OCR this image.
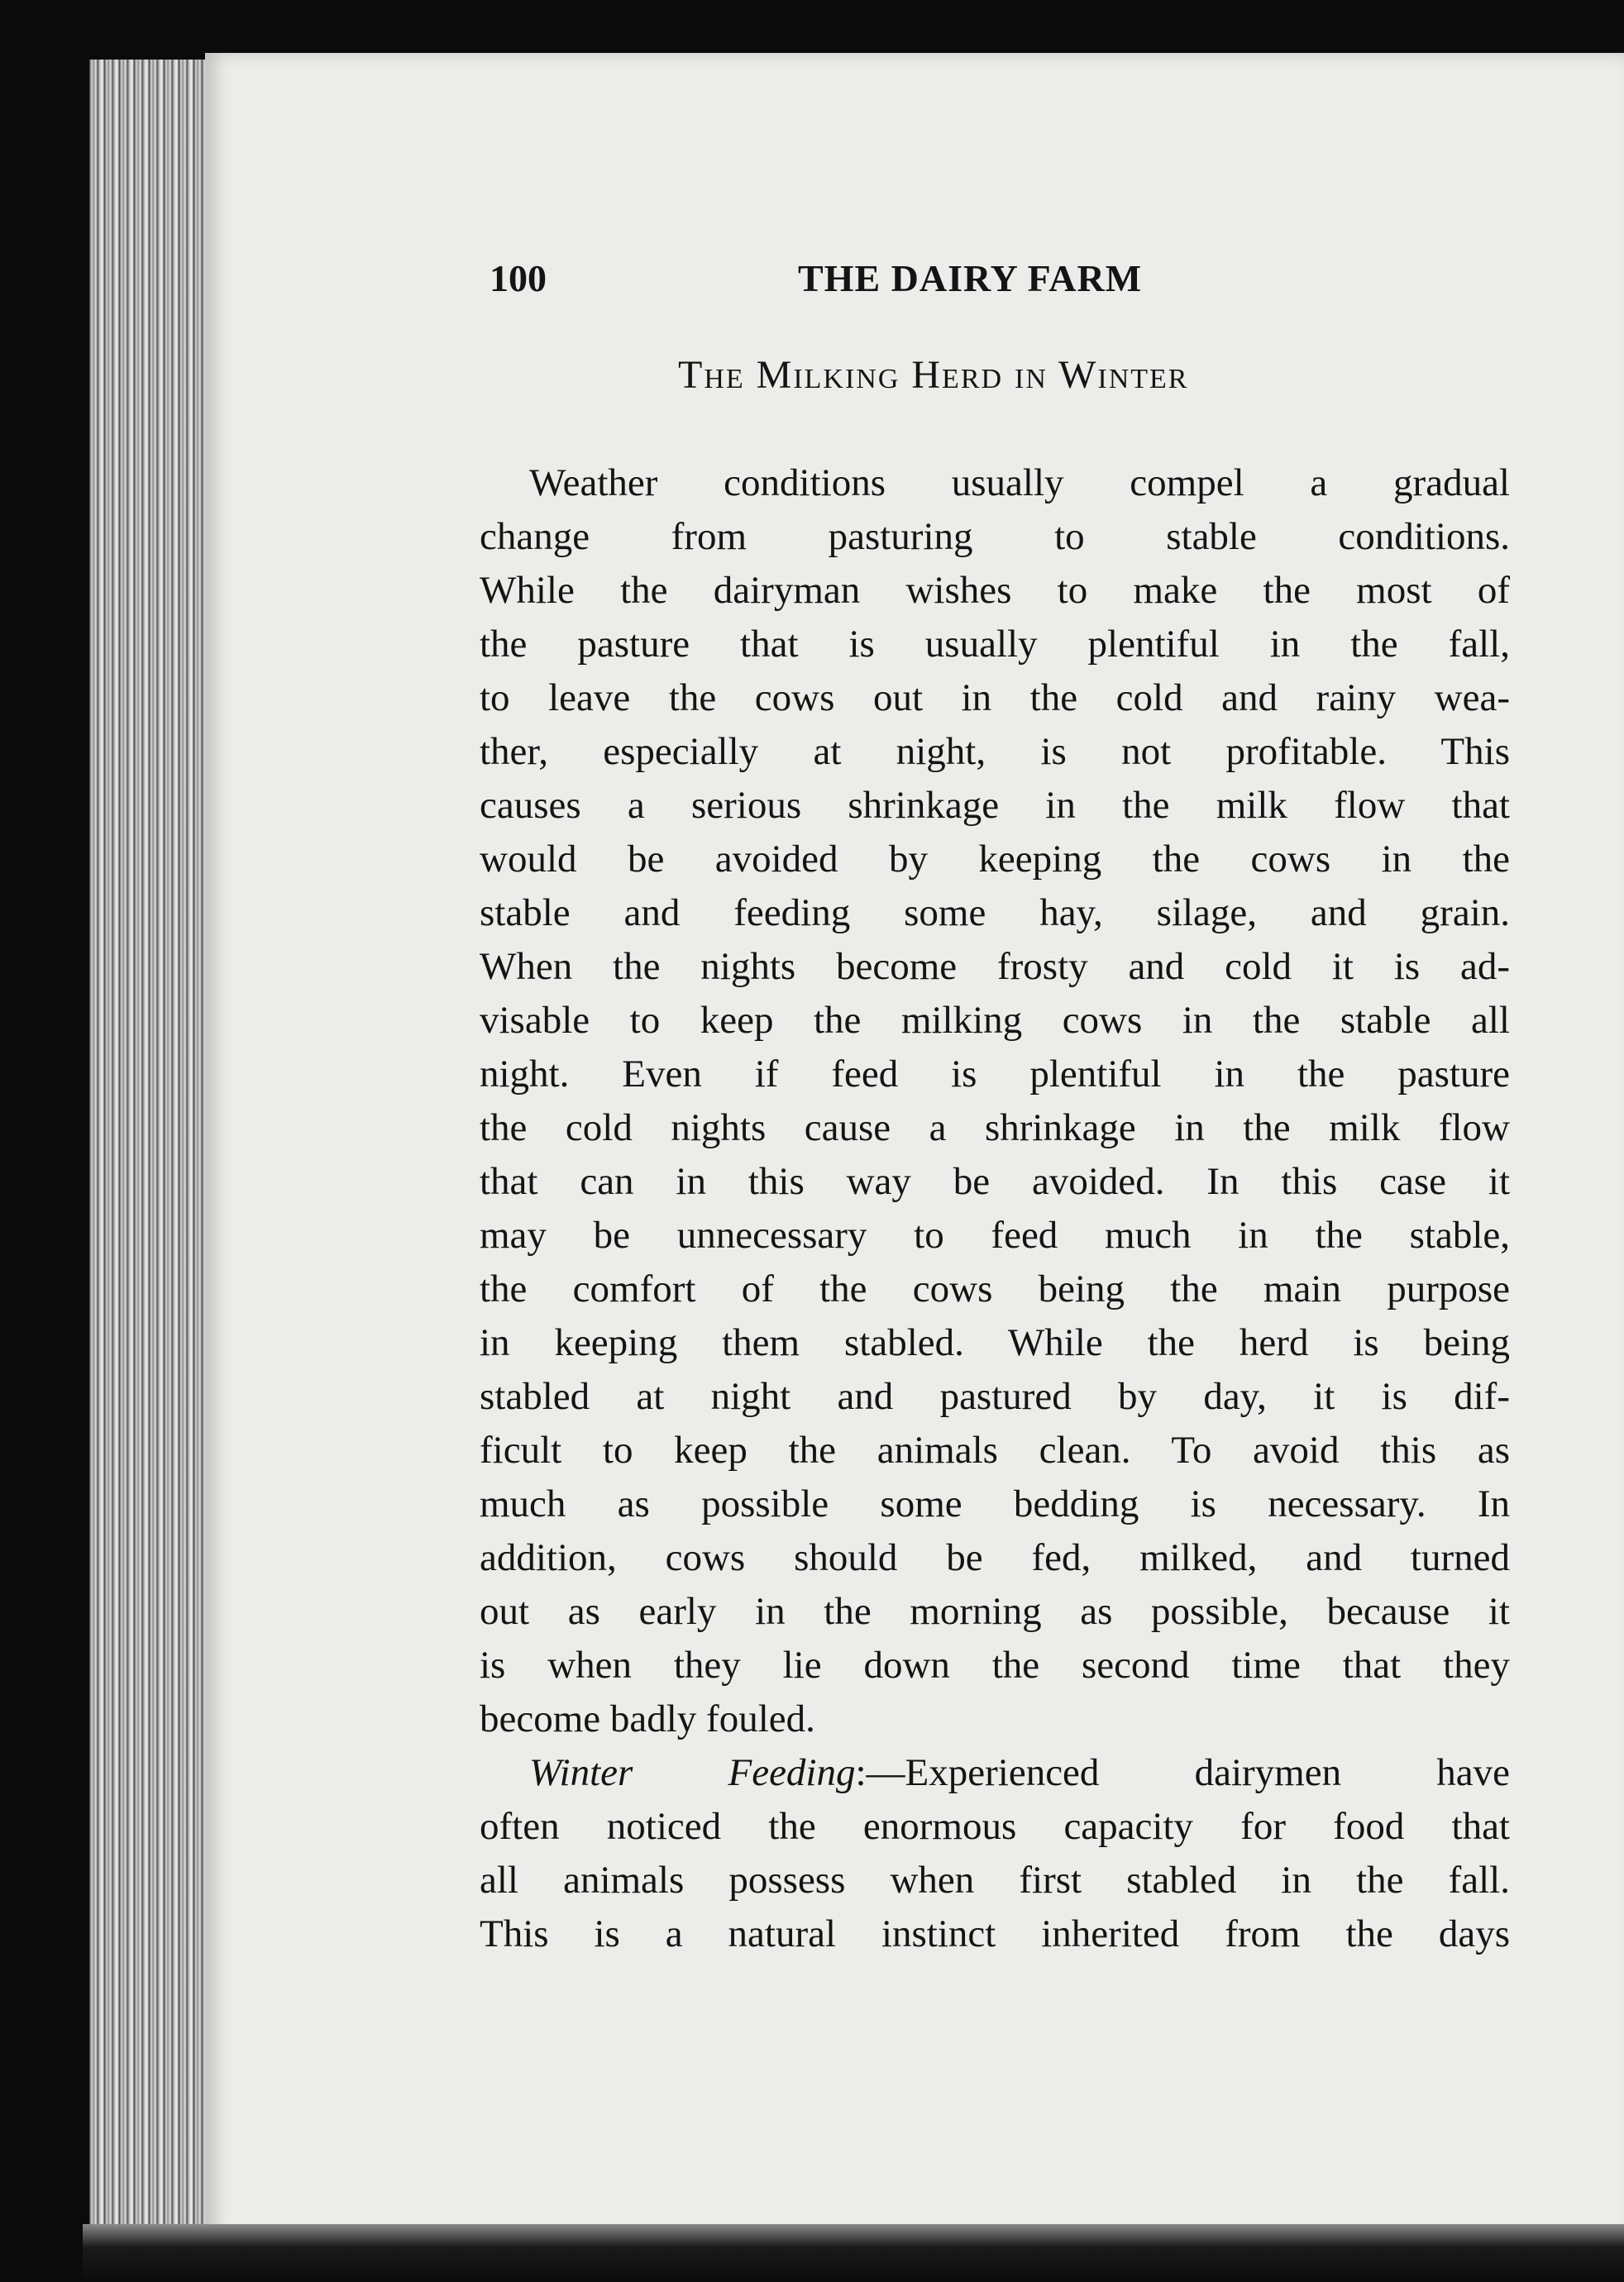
100	THE DAIRY FARM
The Milking Herd in Winter
Weather conditions usually compel a gradual
change from pasturing to stable conditions.
While the dairyman wishes to make the most of
the pasture that is usually plentiful in the fall,
to leave the cows out in the cold and rainy wea-
ther, especially at night, is not profitable. This
causes a serious shrinkage in the milk flow that
would be avoided by keeping the cows in the
stable and feeding some hay, silage, and grain.
When the nights become frosty and cold it is ad-
visable to keep the milking cows in the stable all
night. Even if feed is plentiful in the pasture
the cold nights cause a shrinkage in the milk flow
that can in this way be avoided. In this case it
may be unnecessary to feed much in the stable,
the comfort of the cows being the main purpose
in keeping them stabled. While the herd is being
stabled at night and pastured by day, it is dif-
ficult to keep the animals clean. To avoid this as
much as possible some bedding is necessary. In
addition, cows should be fed, milked, and turned
out as early in the morning as possible, because it
is when they lie down the second time that they
become badly fouled.
Winter Feeding:—Experienced dairymen have
often noticed the enormous capacity for food that
all animals possess when first stabled in the fall.
This is a natural instinct inherited from the days
